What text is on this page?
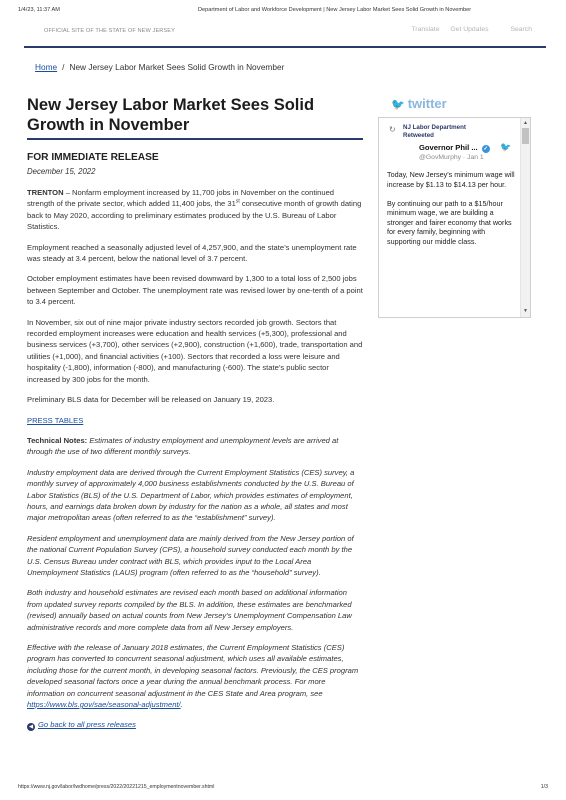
1/4/23, 11:37 AM	Department of Labor and Workforce Development | New Jersey Labor Market Sees Solid Growth in November
OFFICIAL SITE OF THE STATE OF NEW JERSEY	Translate Get Updates	Search
Home / New Jersey Labor Market Sees Solid Growth in November
New Jersey Labor Market Sees Solid Growth in November
FOR IMMEDIATE RELEASE
December 15, 2022

TRENTON – Nonfarm employment increased by 11,700 jobs in November on the continued strength of the private sector, which added 11,400 jobs, the 31st consecutive month of growth dating back to May 2020, according to preliminary estimates produced by the U.S. Bureau of Labor Statistics.

Employment reached a seasonally adjusted level of 4,257,900, and the state’s unemployment rate was steady at 3.4 percent, below the national level of 3.7 percent.

October employment estimates have been revised downward by 1,300 to a total loss of 2,500 jobs between September and October. The unemployment rate was revised lower by one-tenth of a point to 3.4 percent.

In November, six out of nine major private industry sectors recorded job growth. Sectors that recorded employment increases were education and health services (+5,300), professional and business services (+3,700), other services (+2,900), construction (+1,600), trade, transportation and utilities (+1,000), and financial activities (+100). Sectors that recorded a loss were leisure and hospitality (-1,800), information (-800), and manufacturing (-600). The state’s public sector increased by 300 jobs for the month.

Preliminary BLS data for December will be released on January 19, 2023.

PRESS TABLES

Technical Notes: Estimates of industry employment and unemployment levels are arrived at through the use of two different monthly surveys.

Industry employment data are derived through the Current Employment Statistics (CES) survey, a monthly survey of approximately 4,000 business establishments conducted by the U.S. Bureau of Labor Statistics (BLS) of the U.S. Department of Labor, which provides estimates of employment, hours, and earnings data broken down by industry for the nation as a whole, all states and most major metropolitan areas (often referred to as the “establishment” survey).

Resident employment and unemployment data are mainly derived from the New Jersey portion of the national Current Population Survey (CPS), a household survey conducted each month by the U.S. Census Bureau under contract with BLS, which provides input to the Local Area Unemployment Statistics (LAUS) program (often referred to as the “household” survey).

Both industry and household estimates are revised each month based on additional information from updated survey reports compiled by the BLS. In addition, these estimates are benchmarked (revised) annually based on actual counts from New Jersey’s Unemployment Compensation Law administrative records and more complete data from all New Jersey employers.

Effective with the release of January 2018 estimates, the Current Employment Statistics (CES) program has converted to concurrent seasonal adjustment, which uses all available estimates, including those for the current month, in developing seasonal factors. Previously, the CES program developed seasonal factors once a year during the annual benchmark process. For more information on concurrent seasonal adjustment in the CES State and Area program, see https://www.bls.gov/sae/seasonal-adjustment/.

◀ Go back to all press releases
🐦 twitter
↻ NJ Labor Department
Retweeted
Governor Phil ... ✓
@GovMurphy · Jan 1
🐦

Today, New Jersey’s minimum wage will increase by $1.13 to $14.13 per hour.

By continuing our path to a $15/hour minimum wage, we are building a stronger and fairer economy that works for every family, beginning with supporting our middle class.

▲
▼
https://www.nj.gov/labor/lwdhome/press/2022/20221215_employmentnovember.shtml	1/3
